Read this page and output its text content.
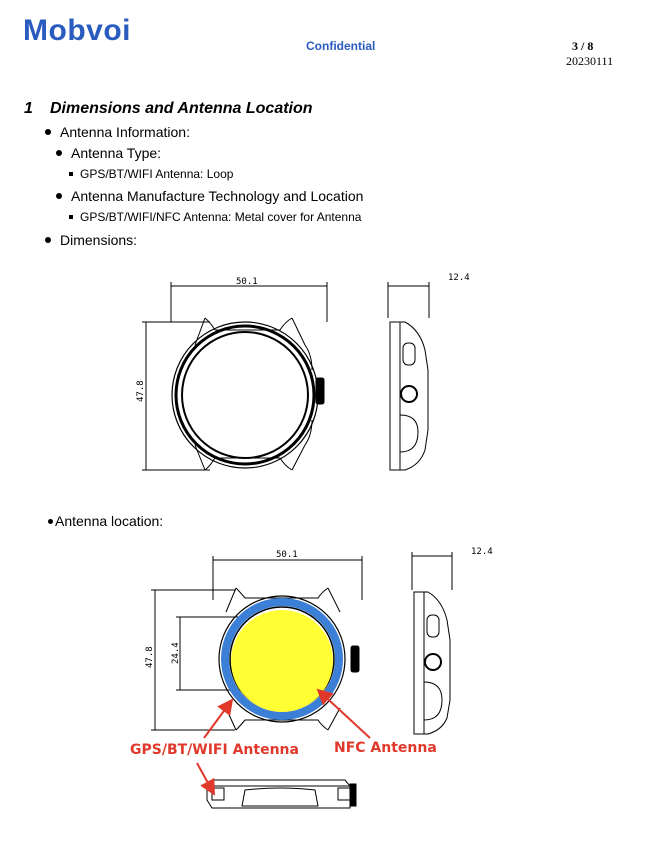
Mobvoi	Confidential	3 / 8
20230111
1 Dimensions and Antenna Location
Antenna Information:
Antenna Type:
GPS/BT/WIFI Antenna: Loop
Antenna Manufacture Technology and Location
GPS/BT/WIFI/NFC Antenna: Metal cover for Antenna
Dimensions:
Antenna location:
50.1
47.8
12.4
50.1
47.8 24.4
12.4
GPS/BT/WIFI Antenna	NFC Antenna
